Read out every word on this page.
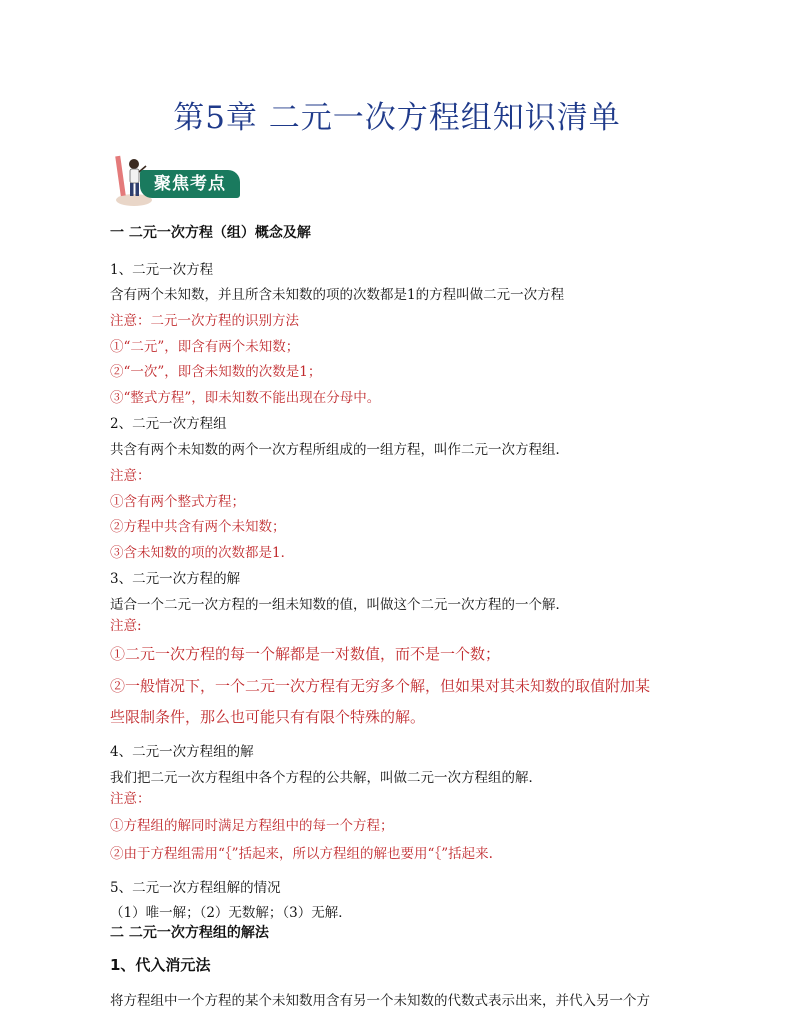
第5章 二元一次方程组知识清单
聚焦考点
一 二元一次方程（组）概念及解
1、二元一次方程
含有两个未知数，并且所含未知数的项的次数都是1的方程叫做二元一次方程
注意：二元一次方程的识别方法
①“二元”，即含有两个未知数；
②“一次”，即含未知数的次数是1；
③“整式方程”，即未知数不能出现在分母中。
2、二元一次方程组
共含有两个未知数的两个一次方程所组成的一组方程，叫作二元一次方程组．
注意：
①含有两个整式方程；
②方程中共含有两个未知数；
③含未知数的项的次数都是1．
3、二元一次方程的解
适合一个二元一次方程的一组未知数的值，叫做这个二元一次方程的一个解．
注意:
①二元一次方程的每一个解都是一对数值，而不是一个数；
②一般情况下，一个二元一次方程有无穷多个解，但如果对其未知数的取值附加某
些限制条件，那么也可能只有有限个特殊的解。
4、二元一次方程组的解
我们把二元一次方程组中各个方程的公共解，叫做二元一次方程组的解．
注意：
①方程组的解同时满足方程组中的每一个方程；
②由于方程组需用“｛”括起来，所以方程组的解也要用“｛”括起来.
5、二元一次方程组解的情况
（1）唯一解；（2）无数解；（3）无解．
二 二元一次方程组的解法
1、代入消元法
将方程组中一个方程的某个未知数用含有另一个未知数的代数式表示出来，并代入另一个方
